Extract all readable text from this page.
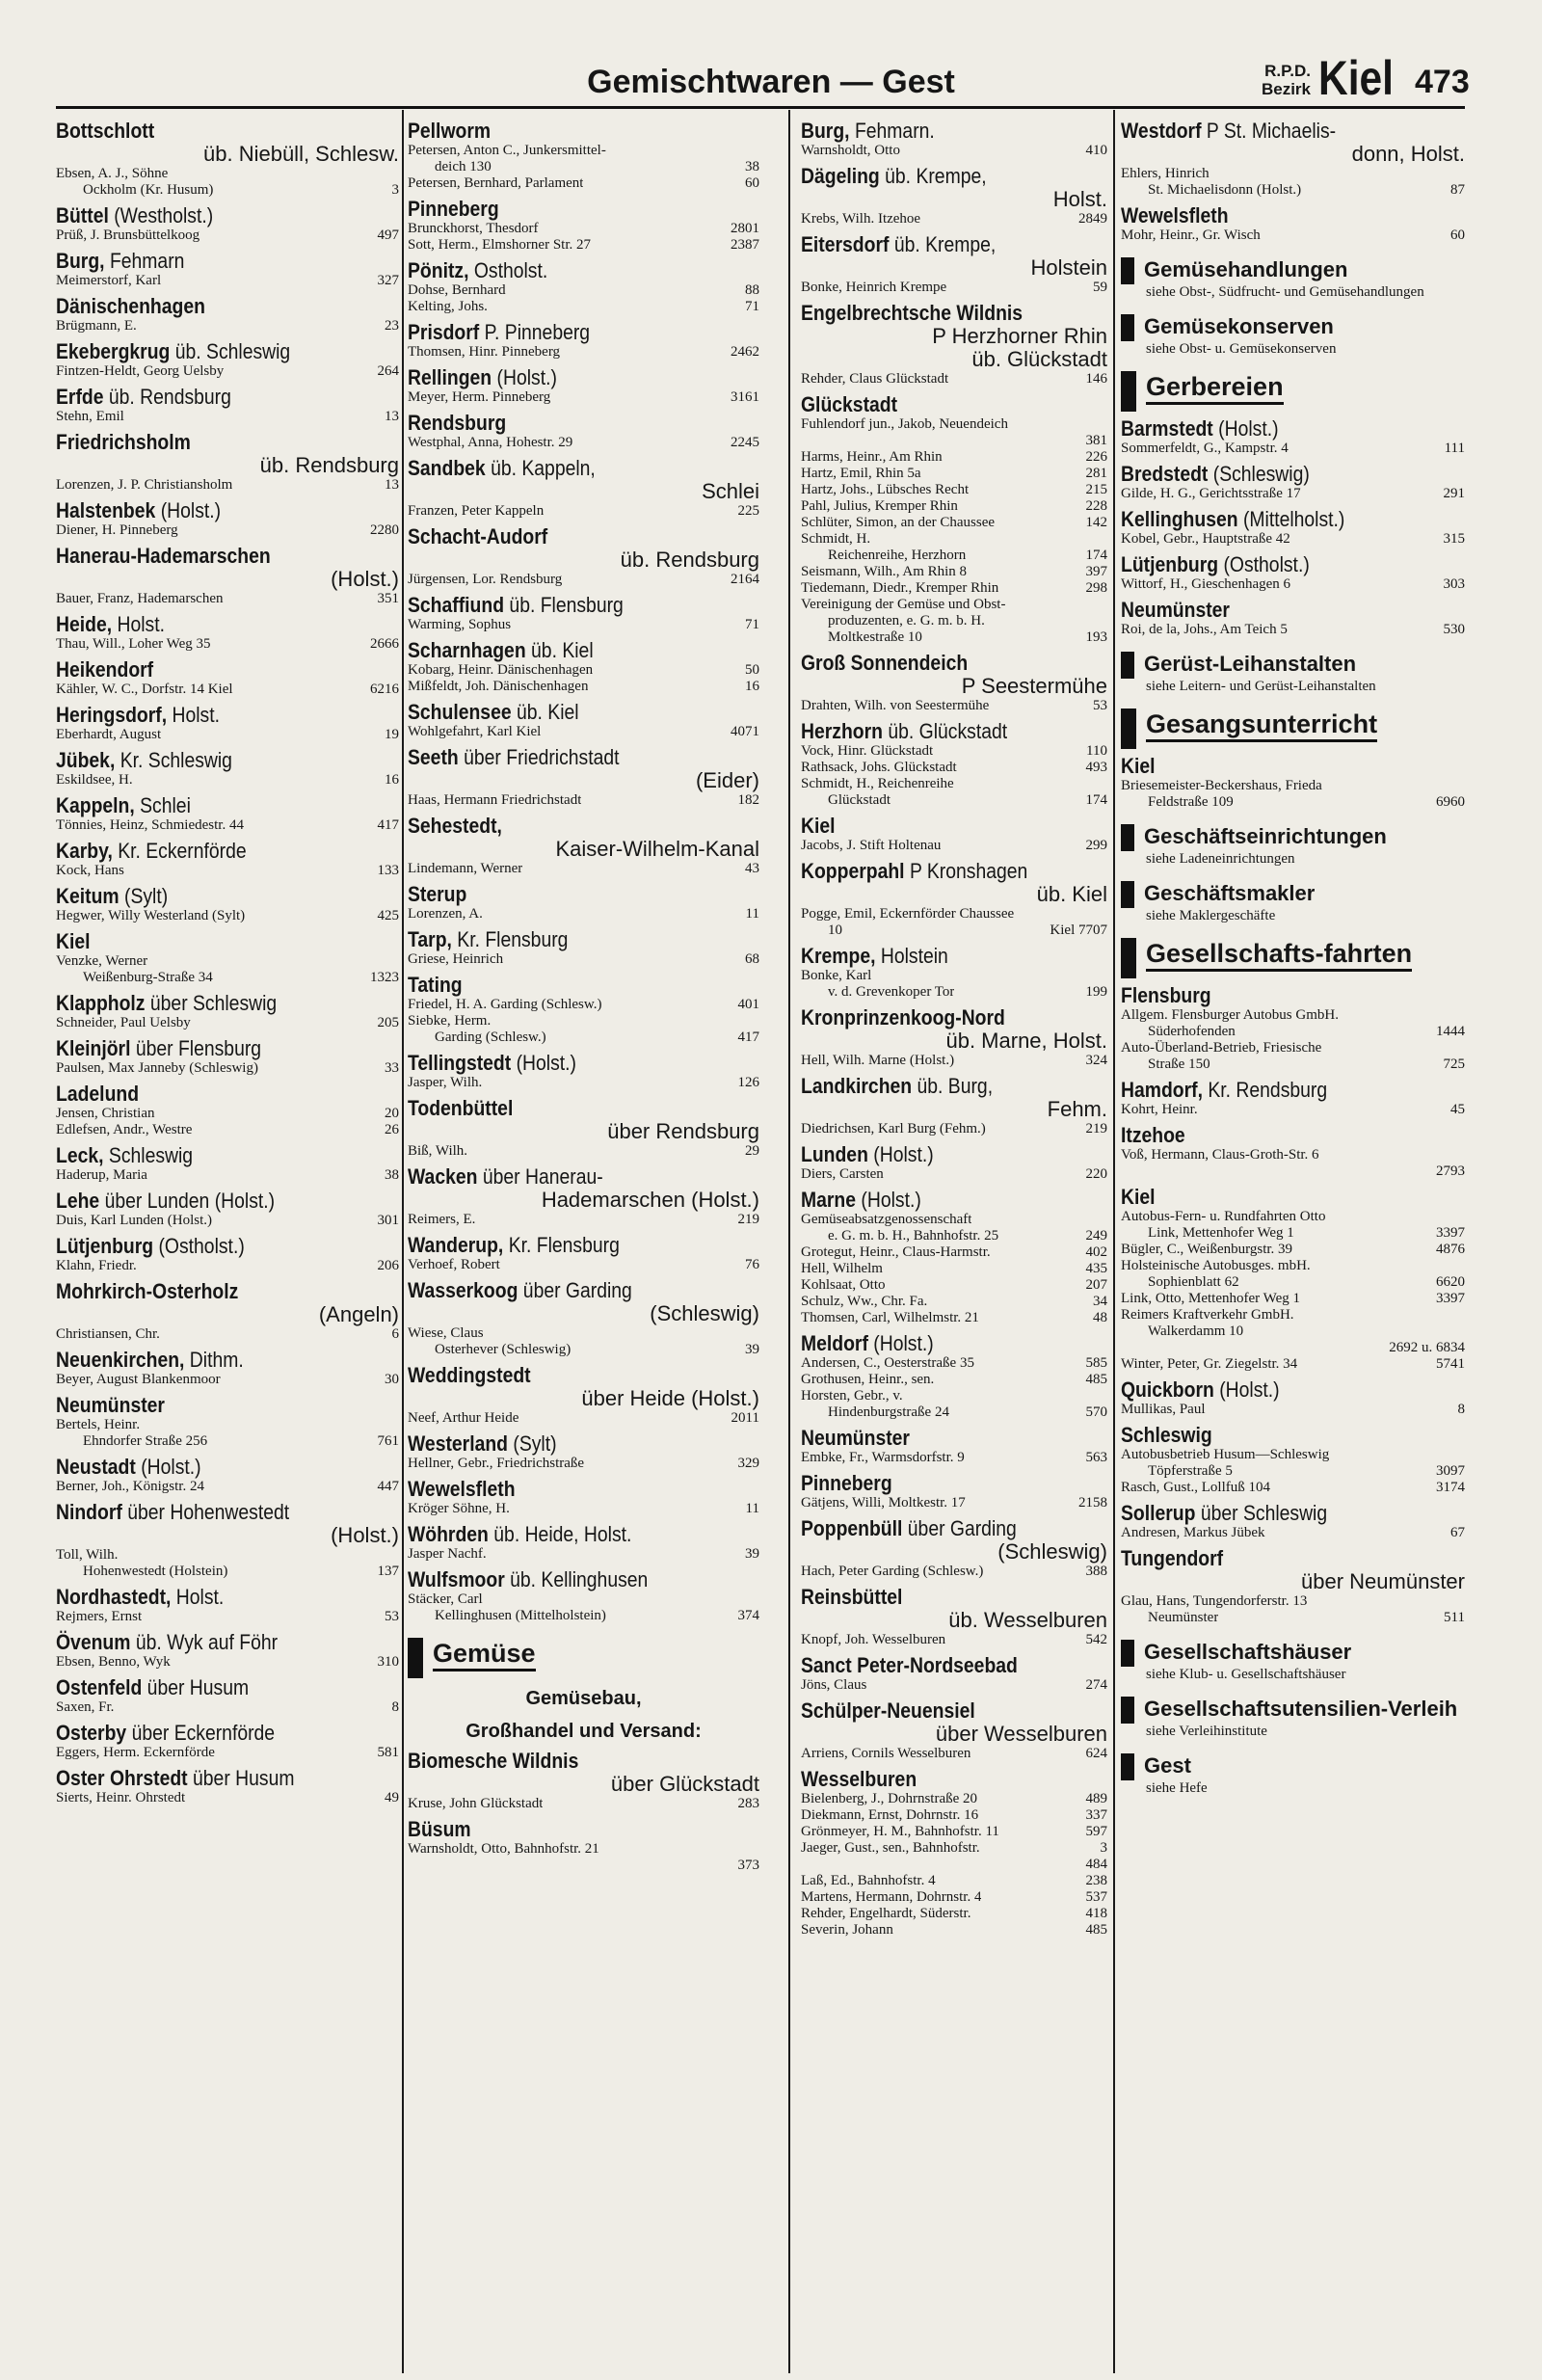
Gemischtwaren — Gest	R.P.D.
Bezirk Kiel 473
Bottschlott
üb. Niebüll, Schlesw.
Ebsen, A. J., Söhne
Ockholm (Kr. Husum)	3
Büttel (Westholst.)
Prüß, J. Brunsbüttelkoog	497
Burg, Fehmarn
Meimerstorf, Karl	327
Dänischenhagen
Brügmann, E.	23
Ekebergkrug üb. Schleswig
Fintzen-Heldt, Georg Uelsby	264
Erfde üb. Rendsburg
Stehn, Emil	13
Friedrichsholm
üb. Rendsburg
Lorenzen, J. P. Christiansholm	13
Halstenbek (Holst.)
Diener, H. Pinneberg	2280
Hanerau-Hademarschen
(Holst.)
Bauer, Franz, Hademarschen	351
Heide, Holst.
Thau, Will., Loher Weg 35	2666
Heikendorf
Kähler, W. C., Dorfstr. 14 Kiel	6216
Heringsdorf, Holst.
Eberhardt, August	19
Jübek, Kr. Schleswig
Eskildsee, H.	16
Kappeln, Schlei
Tönnies, Heinz, Schmiedestr. 44	417
Karby, Kr. Eckernförde
Kock, Hans	133
Keitum (Sylt)
Hegwer, Willy Westerland (Sylt)	425
Kiel
Venzke, Werner
Weißenburg-Straße 34	1323
Klappholz über Schleswig
Schneider, Paul Uelsby	205
Kleinjörl über Flensburg
Paulsen, Max Janneby (Schleswig)	33
Ladelund
Jensen, Christian	20
Edlefsen, Andr., Westre	26
Leck, Schleswig
Haderup, Maria	38
Lehe über Lunden (Holst.)
Duis, Karl Lunden (Holst.)	301
Lütjenburg (Ostholst.)
Klahn, Friedr.	206
Mohrkirch-Osterholz
(Angeln)
Christiansen, Chr.	6
Neuenkirchen, Dithm.
Beyer, August Blankenmoor	30
Neumünster
Bertels, Heinr.
Ehndorfer Straße 256	761
Neustadt (Holst.)
Berner, Joh., Königstr. 24	447
Nindorf über Hohenwestedt
(Holst.)
Toll, Wilh.
Hohenwestedt (Holstein)	137
Nordhastedt, Holst.
Rejmers, Ernst	53
Övenum üb. Wyk auf Föhr
Ebsen, Benno, Wyk	310
Ostenfeld über Husum
Saxen, Fr.	8
Osterby über Eckernförde
Eggers, Herm. Eckernförde	581
Oster Ohrstedt über Husum
Sierts, Heinr. Ohrstedt	49
Pellworm
Petersen, Anton C., Junkersmittel-
deich 130	38
Petersen, Bernhard, Parlament	60
Pinneberg
Brunckhorst, Thesdorf	2801
Sott, Herm., Elmshorner Str. 27	2387
Pönitz, Ostholst.
Dohse, Bernhard	88
Kelting, Johs.	71
Prisdorf P. Pinneberg
Thomsen, Hinr. Pinneberg	2462
Rellingen (Holst.)
Meyer, Herm. Pinneberg	3161
Rendsburg
Westphal, Anna, Hohestr. 29	2245
Sandbek üb. Kappeln,
Schlei
Franzen, Peter Kappeln	225
Schacht-Audorf
üb. Rendsburg
Jürgensen, Lor. Rendsburg	2164
Schaffiund üb. Flensburg
Warming, Sophus	71
Scharnhagen üb. Kiel
Kobarg, Heinr. Dänischenhagen	50
Mißfeldt, Joh. Dänischenhagen	16
Schulensee üb. Kiel
Wohlgefahrt, Karl Kiel	4071
Seeth über Friedrichstadt
(Eider)
Haas, Hermann Friedrichstadt	182
Sehestedt,
Kaiser-Wilhelm-Kanal
Lindemann, Werner	43
Sterup
Lorenzen, A.	11
Tarp, Kr. Flensburg
Griese, Heinrich	68
Tating
Friedel, H. A. Garding (Schlesw.)	401
Siebke, Herm.
Garding (Schlesw.)	417
Tellingstedt (Holst.)
Jasper, Wilh.	126
Todenbüttel
über Rendsburg
Biß, Wilh.	29
Wacken über Hanerau-
Hademarschen (Holst.)
Reimers, E.	219
Wanderup, Kr. Flensburg
Verhoef, Robert	76
Wasserkoog über Garding
(Schleswig)
Wiese, Claus
Osterhever (Schleswig)	39
Weddingstedt
über Heide (Holst.)
Neef, Arthur Heide	2011
Westerland (Sylt)
Hellner, Gebr., Friedrichstraße	329
Wewelsfleth
Kröger Söhne, H.	11
Wöhrden üb. Heide, Holst.
Jasper Nachf.	39
Wulfsmoor üb. Kellinghusen
Stäcker, Carl
Kellinghusen (Mittelholstein)	374
Gemüse
Gemüsebau,
Großhandel und Versand:
Biomesche Wildnis
über Glückstadt
Kruse, John Glückstadt	283
Büsum
Warnsholdt, Otto, Bahnhofstr. 21
373
Burg, Fehmarn.
Warnsholdt, Otto	410
Dägeling üb. Krempe,
Holst.
Krebs, Wilh. Itzehoe	2849
Eitersdorf üb. Krempe,
Holstein
Bonke, Heinrich Krempe	59
Engelbrechtsche Wildnis
P Herzhorner Rhin
üb. Glückstadt
Rehder, Claus Glückstadt	146
Glückstadt
Fuhlendorf jun., Jakob, Neuendeich
381
Harms, Heinr., Am Rhin	226
Hartz, Emil, Rhin 5a	281
Hartz, Johs., Lübsches Recht	215
Pahl, Julius, Kremper Rhin	228
Schlüter, Simon, an der Chaussee	142
Schmidt, H.
Reichenreihe, Herzhorn	174
Seismann, Wilh., Am Rhin 8	397
Tiedemann, Diedr., Kremper Rhin	298
Vereinigung der Gemüse und Obst-
produzenten, e. G. m. b. H.
Moltkestraße 10	193
Groß Sonnendeich
P Seestermühe
Drahten, Wilh. von Seestermühe	53
Herzhorn üb. Glückstadt
Vock, Hinr. Glückstadt	110
Rathsack, Johs. Glückstadt	493
Schmidt, H., Reichenreihe
Glückstadt	174
Kiel
Jacobs, J. Stift Holtenau	299
Kopperpahl P Kronshagen
üb. Kiel
Pogge, Emil, Eckernförder Chaussee
10	Kiel 7707
Krempe, Holstein
Bonke, Karl
v. d. Grevenkoper Tor	199
Kronprinzenkoog-Nord
üb. Marne, Holst.
Hell, Wilh. Marne (Holst.)	324
Landkirchen üb. Burg,
Fehm.
Diedrichsen, Karl Burg (Fehm.)	219
Lunden (Holst.)
Diers, Carsten	220
Marne (Holst.)
Gemüseabsatzgenossenschaft
e. G. m. b. H., Bahnhofstr. 25	249
Grotegut, Heinr., Claus-Harmstr.	402
Hell, Wilhelm	435
Kohlsaat, Otto	207
Schulz, Ww., Chr. Fa.	34
Thomsen, Carl, Wilhelmstr. 21	48
Meldorf (Holst.)
Andersen, C., Oesterstraße 35	585
Grothusen, Heinr., sen.	485
Horsten, Gebr., v.
Hindenburgstraße 24	570
Neumünster
Embke, Fr., Warmsdorfstr. 9	563
Pinneberg
Gätjens, Willi, Moltkestr. 17	2158
Poppenbüll über Garding
(Schleswig)
Hach, Peter Garding (Schlesw.)	388
Reinsbüttel
üb. Wesselburen
Knopf, Joh. Wesselburen	542
Sanct Peter-Nordseebad
Jöns, Claus	274
Schülper-Neuensiel
über Wesselburen
Arriens, Cornils Wesselburen	624
Wesselburen
Bielenberg, J., Dohrnstraße 20	489
Diekmann, Ernst, Dohrnstr. 16	337
Grönmeyer, H. M., Bahnhofstr. 11	597
Jaeger, Gust., sen., Bahnhofstr.	3
484
Laß, Ed., Bahnhofstr. 4	238
Martens, Hermann, Dohrnstr. 4	537
Rehder, Engelhardt, Süderstr.	418
Severin, Johann	485
Westdorf P St. Michaelis-
donn, Holst.
Ehlers, Hinrich
St. Michaelisdonn (Holst.)	87
Wewelsfleth
Mohr, Heinr., Gr. Wisch	60
Gemüsehandlungen
siehe Obst-, Südfrucht- und Gemüsehandlungen
Gemüsekonserven
siehe Obst- u. Gemüsekonserven
Gerbereien
Barmstedt (Holst.)
Sommerfeldt, G., Kampstr. 4	111
Bredstedt (Schleswig)
Gilde, H. G., Gerichtsstraße 17	291
Kellinghusen (Mittelholst.)
Kobel, Gebr., Hauptstraße 42	315
Lütjenburg (Ostholst.)
Wittorf, H., Gieschenhagen 6	303
Neumünster
Roi, de la, Johs., Am Teich 5	530
Gerüst-Leihanstalten
siehe Leitern- und Gerüst-Leihanstalten
Gesangsunterricht
Kiel
Briesemeister-Beckershaus, Frieda
Feldstraße 109	6960
Geschäftseinrichtungen
siehe Ladeneinrichtungen
Geschäftsmakler
siehe Maklergeschäfte
Gesellschafts-fahrten
Flensburg
Allgem. Flensburger Autobus GmbH.
Süderhofenden	1444
Auto-Überland-Betrieb, Friesische
Straße 150	725
Hamdorf, Kr. Rendsburg
Kohrt, Heinr.	45
Itzehoe
Voß, Hermann, Claus-Groth-Str. 6
2793
Kiel
Autobus-Fern- u. Rundfahrten Otto
Link, Mettenhofer Weg 1	3397
Bügler, C., Weißenburgstr. 39	4876
Holsteinische Autobusges. mbH.
Sophienblatt 62	6620
Link, Otto, Mettenhofer Weg 1	3397
Reimers Kraftverkehr GmbH.
Walkerdamm 10
2692 u. 6834
Winter, Peter, Gr. Ziegelstr. 34	5741
Quickborn (Holst.)
Mullikas, Paul	8
Schleswig
Autobusbetrieb Husum—Schleswig
Töpferstraße 5	3097
Rasch, Gust., Lollfuß 104	3174
Sollerup über Schleswig
Andresen, Markus Jübek	67
Tungendorf
über Neumünster
Glau, Hans, Tungendorferstr. 13
Neumünster	511
Gesellschaftshäuser
siehe Klub- u. Gesellschaftshäuser
Gesellschaftsutensilien-Verleih
siehe Verleihinstitute
Gest
siehe Hefe
